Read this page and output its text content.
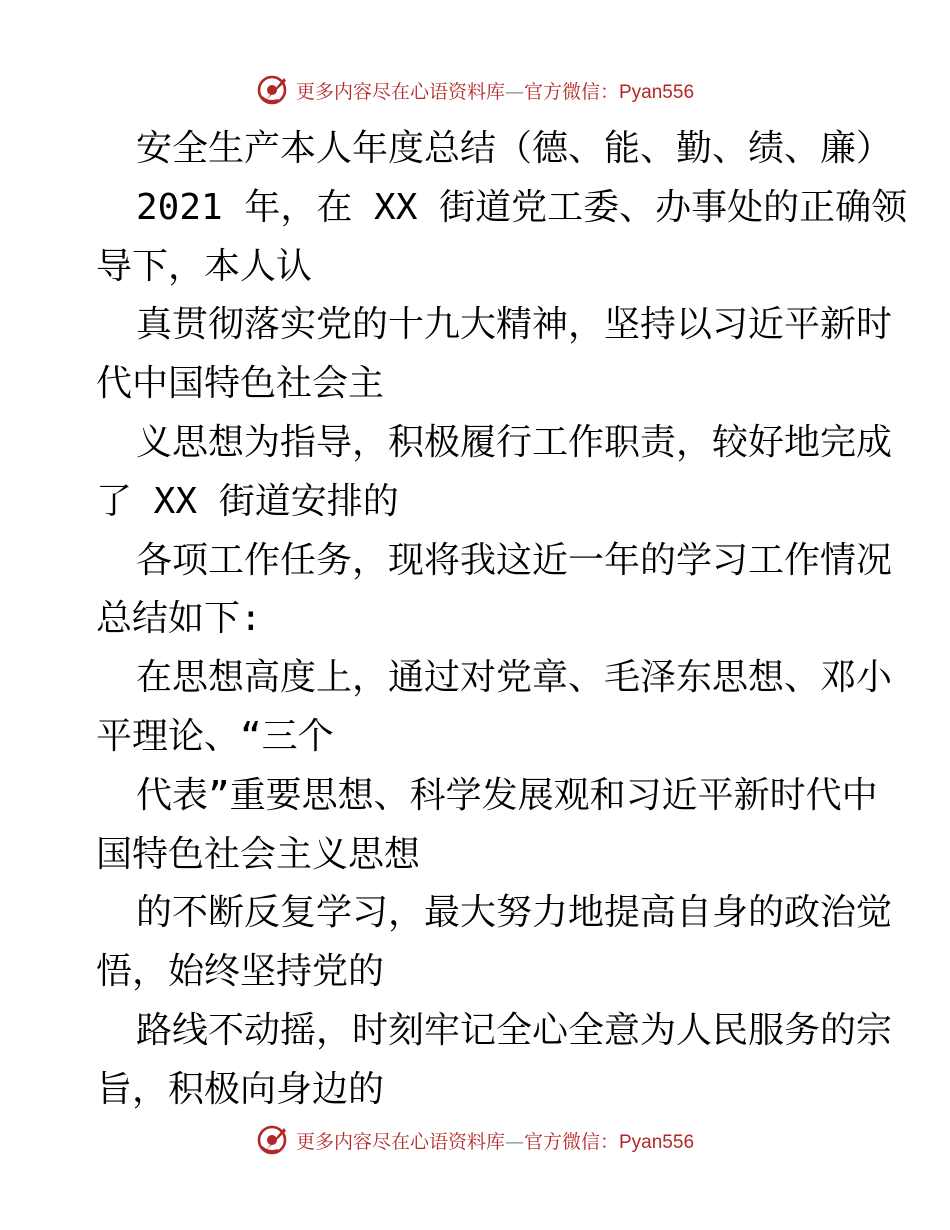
更多内容尽在心语资料库—官方微信：Pyan556
安全生产本人年度总结（德、能、勤、绩、廉）
2021 年，在 XX 街道党工委、办事处的正确领
导下，本人认
真贯彻落实党的十九大精神，坚持以习近平新时
代中国特色社会主
义思想为指导，积极履行工作职责，较好地完成
了 XX 街道安排的
各项工作任务，现将我这近一年的学习工作情况
总结如下:
在思想高度上，通过对党章、毛泽东思想、邓小
平理论、“三个
代表”重要思想、科学发展观和习近平新时代中
国特色社会主义思想
的不断反复学习，最大努力地提高自身的政治觉
悟，始终坚持党的
路线不动摇，时刻牢记全心全意为人民服务的宗
旨，积极向身边的
更多内容尽在心语资料库—官方微信：Pyan556
